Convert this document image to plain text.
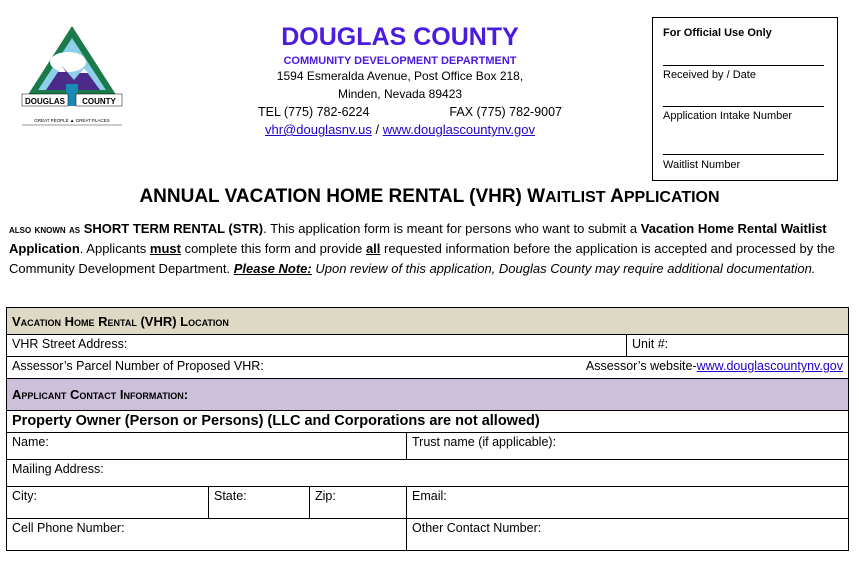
DOUGLAS COUNTY
GREAT PEOPLE ▲ GREAT PLACES
DOUGLAS COUNTY
COMMUNITY DEVELOPMENT DEPARTMENT
1594 Esmeralda Avenue, Post Office Box 218,
Minden, Nevada 89423
TEL (775) 782-6224	FAX (775) 782-9007
vhr@douglasnv.us / www.douglascountynv.gov
For Official Use Only
Received by / Date
Application Intake Number
Waitlist Number
ANNUAL VACATION HOME RENTAL (VHR) WAITLIST APPLICATION
also known as SHORT TERM RENTAL (STR). This application form is meant for persons who want to submit a Vacation Home Rental Waitlist Application. Applicants must complete this form and provide all requested information before the application is accepted and processed by the Community Development Department. Please Note: Upon review of this application, Douglas County may require additional documentation.
Vacation Home Rental (VHR) Location
VHR Street Address:	Unit #:
Assessor’s Parcel Number of Proposed VHR:	Assessor’s website-www.douglascountynv.gov
Applicant Contact Information:			
Property Owner (Person or Persons) (LLC and Corporations are not allowed)			
Name:			Trust name (if applicable):
Mailing Address:			
City:	State:	Zip:	Email:
Cell Phone Number:			Other Contact Number:
